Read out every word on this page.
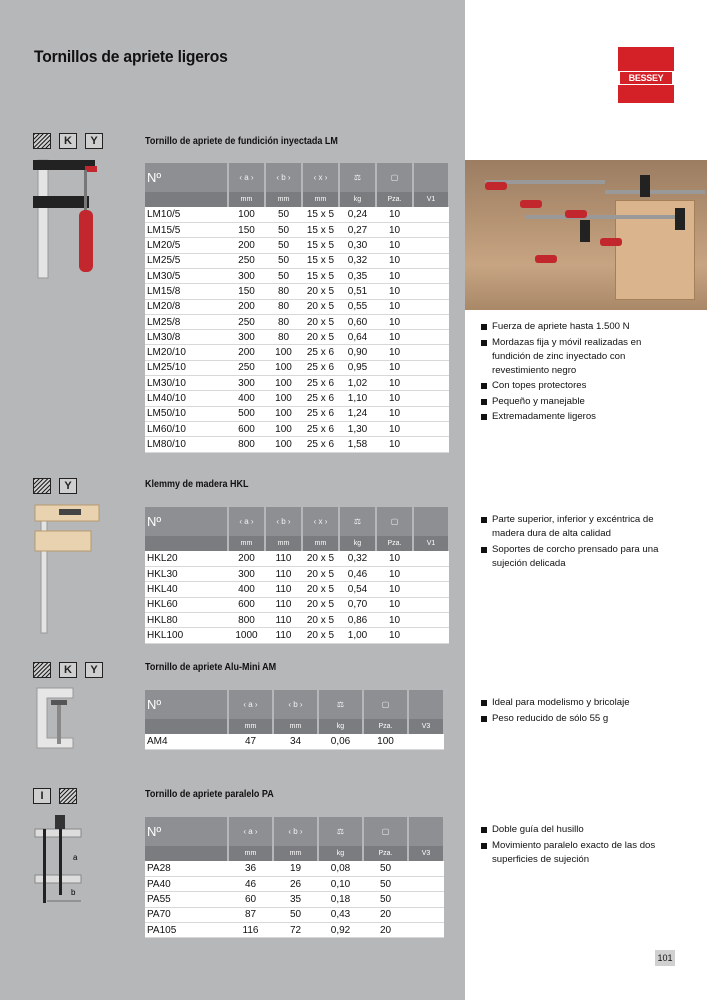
Tornillos de apriete ligeros
BESSEY
K	Y	Tornillo de apriete de fundición inyectada LM
Nº	‹ a ›	‹ b ›	‹ x ›	⚖	▢	
	mm	mm	mm	kg	Pza.	V1
LM10/5	100	50	15 x 5	0,24	10	
LM15/5	150	50	15 x 5	0,27	10	
LM20/5	200	50	15 x 5	0,30	10	
LM25/5	250	50	15 x 5	0,32	10	
LM30/5	300	50	15 x 5	0,35	10	
LM15/8	150	80	20 x 5	0,51	10	
LM20/8	200	80	20 x 5	0,55	10	
LM25/8	250	80	20 x 5	0,60	10	
LM30/8	300	80	20 x 5	0,64	10	
LM20/10	200	100	25 x 6	0,90	10	
LM25/10	250	100	25 x 6	0,95	10	
LM30/10	300	100	25 x 6	1,02	10	
LM40/10	400	100	25 x 6	1,10	10	
LM50/10	500	100	25 x 6	1,24	10	
LM60/10	600	100	25 x 6	1,30	10	
LM80/10	800	100	25 x 6	1,58	10	
Fuerza de apriete hasta 1.500 N
Mordazas fija y móvil realizadas en fundición de zinc inyectado con revestimiento negro
Con topes protectores
Pequeño y manejable
Extremadamente ligeros
Y	Klemmy de madera HKL
Nº	‹ a ›	‹ b ›	‹ x ›	⚖	▢	
	mm	mm	mm	kg	Pza.	V1
HKL20	200	110	20 x 5	0,32	10	
HKL30	300	110	20 x 5	0,46	10	
HKL40	400	110	20 x 5	0,54	10	
HKL60	600	110	20 x 5	0,70	10	
HKL80	800	110	20 x 5	0,86	10	
HKL100	1000	110	20 x 5	1,00	10	
Parte superior, inferior y excéntrica de madera dura de alta calidad
Soportes de corcho prensado para una sujeción delicada
K	Y	Tornillo de apriete Alu-Mini AM
Nº	‹ a ›	‹ b ›	⚖	▢	
	mm	mm	kg	Pza.	V3
AM4	47	34	0,06	100	
Ideal para modelismo y bricolaje
Peso reducido de sólo 55 g
I	Tornillo de apriete paralelo PA
a
b
Nº	‹ a ›	‹ b ›	⚖	▢	
	mm	mm	kg	Pza.	V3
PA28	36	19	0,08	50	
PA40	46	26	0,10	50	
PA55	60	35	0,18	50	
PA70	87	50	0,43	20	
PA105	116	72	0,92	20	
Doble guía del husillo
Movimiento paralelo exacto de las dos superficies de sujeción
101
